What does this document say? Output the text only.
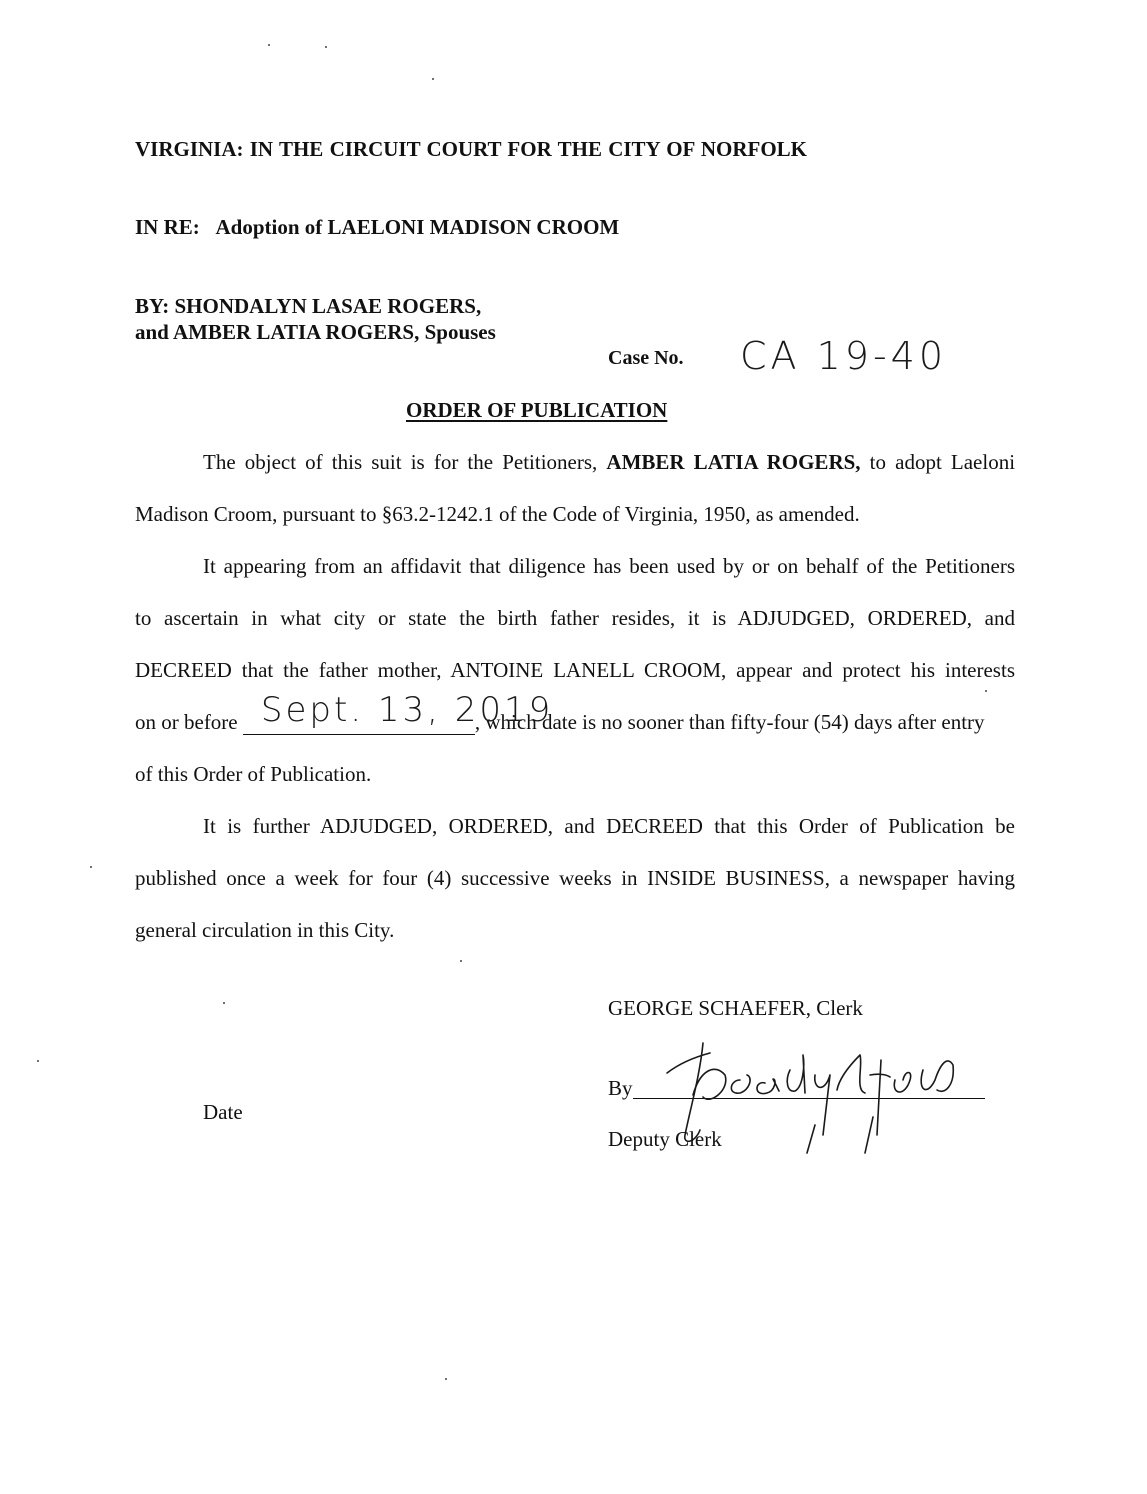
VIRGINIA: IN THE CIRCUIT COURT FOR THE CITY OF NORFOLK
IN RE: Adoption of LAELONI MADISON CROOM
BY: SHONDALYN LASAE ROGERS,
and AMBER LATIA ROGERS, Spouses
Case No. CA 19-40
ORDER OF PUBLICATION
The object of this suit is for the Petitioners, AMBER LATIA ROGERS, to adopt Laeloni
Madison Croom, pursuant to §63.2-1242.1 of the Code of Virginia, 1950, as amended.
It appearing from an affidavit that diligence has been used by or on behalf of the Petitioners
to ascertain in what city or state the birth father resides, it is ADJUDGED, ORDERED, and
DECREED that the father mother, ANTOINE LANELL CROOM, appear and protect his interests
on or before Sept. 13, 2019
, which date is no sooner than fifty-four (54) days after entry
of this Order of Publication.
It is further ADJUDGED, ORDERED, and DECREED that this Order of Publication be
published once a week for four (4) successive weeks in INSIDE BUSINESS, a newspaper having
general circulation in this City.
GEORGE SCHAEFER, Clerk
By
Tracey Stpls
Deputy Clerk
Date
